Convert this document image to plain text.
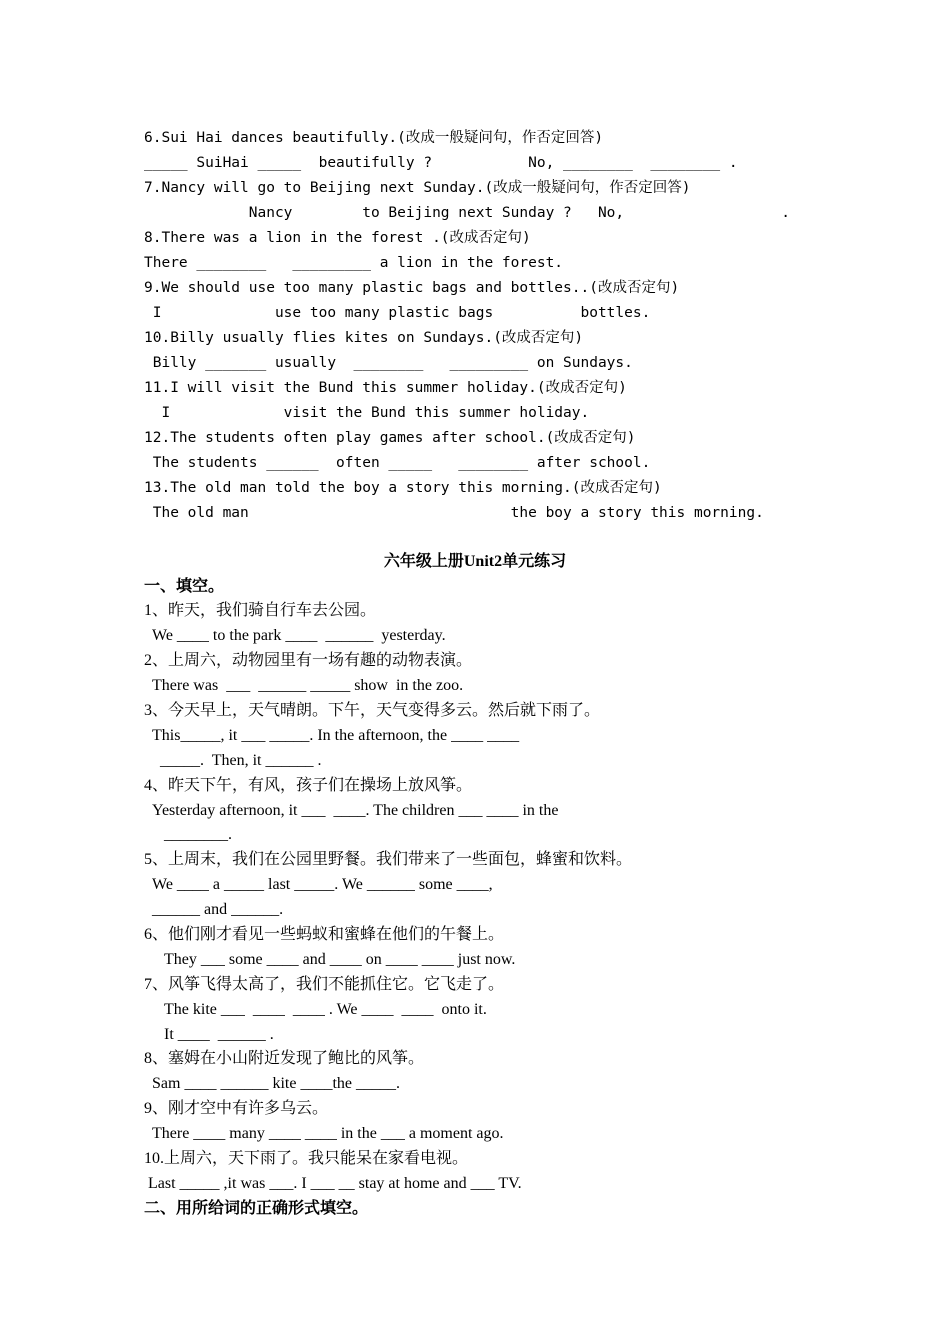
6.Sui Hai dances beautifully.(改成一般疑问句，作否定回答)
_____ SuiHai _____  beautifully ?           No, ________  ________ .
7.Nancy will go to Beijing next Sunday.(改成一般疑问句，作否定回答)
Nancy        to Beijing next Sunday ?   No,                  .
8.There was a lion in the forest .(改成否定句)
There ________   _________ a lion in the forest.
9.We should use too many plastic bags and bottles..(改成否定句)
I             use too many plastic bags          bottles.
10.Billy usually flies kites on Sundays.(改成否定句)
Billy _______ usually  ________   _________ on Sundays.
11.I will visit the Bund this summer holiday.(改成否定句)
I             visit the Bund this summer holiday.
12.The students often play games after school.(改成否定句)
The students ______  often _____   ________ after school.
13.The old man told the boy a story this morning.(改成否定句)
The old man                              the boy a story this morning.
六年级上册Unit2单元练习
一、填空。
1、昨天，我们骑自行车去公园。
We ____ to the park ____  ______  yesterday.
2、上周六，动物园里有一场有趣的动物表演。
There was  ___  ______ _____ show  in the zoo.
3、今天早上，天气晴朗。下午，天气变得多云。然后就下雨了。
This_____, it ___ _____. In the afternoon, the ____ ____
_____.  Then, it ______ .
4、昨天下午，有风，孩子们在操场上放风筝。
Yesterday afternoon, it ___  ____. The children ___ ____ in the
________.
5、上周末，我们在公园里野餐。我们带来了一些面包，蜂蜜和饮料。
We ____ a _____ last _____. We ______ some ____,
______ and ______.
6、他们刚才看见一些蚂蚁和蜜蜂在他们的午餐上。
They ___ some ____ and ____ on ____ ____ just now.
7、风筝飞得太高了，我们不能抓住它。它飞走了。
The kite ___  ____  ____ . We ____  ____  onto it.
It ____  ______ .
8、塞姆在小山附近发现了鲍比的风筝。
Sam ____ ______ kite ____the _____.
9、刚才空中有许多乌云。
There ____ many ____ ____ in the ___ a moment ago.
10.上周六，天下雨了。我只能呆在家看电视。
Last _____ ,it was ___. I ___ __ stay at home and ___ TV.
二、用所给词的正确形式填空。
